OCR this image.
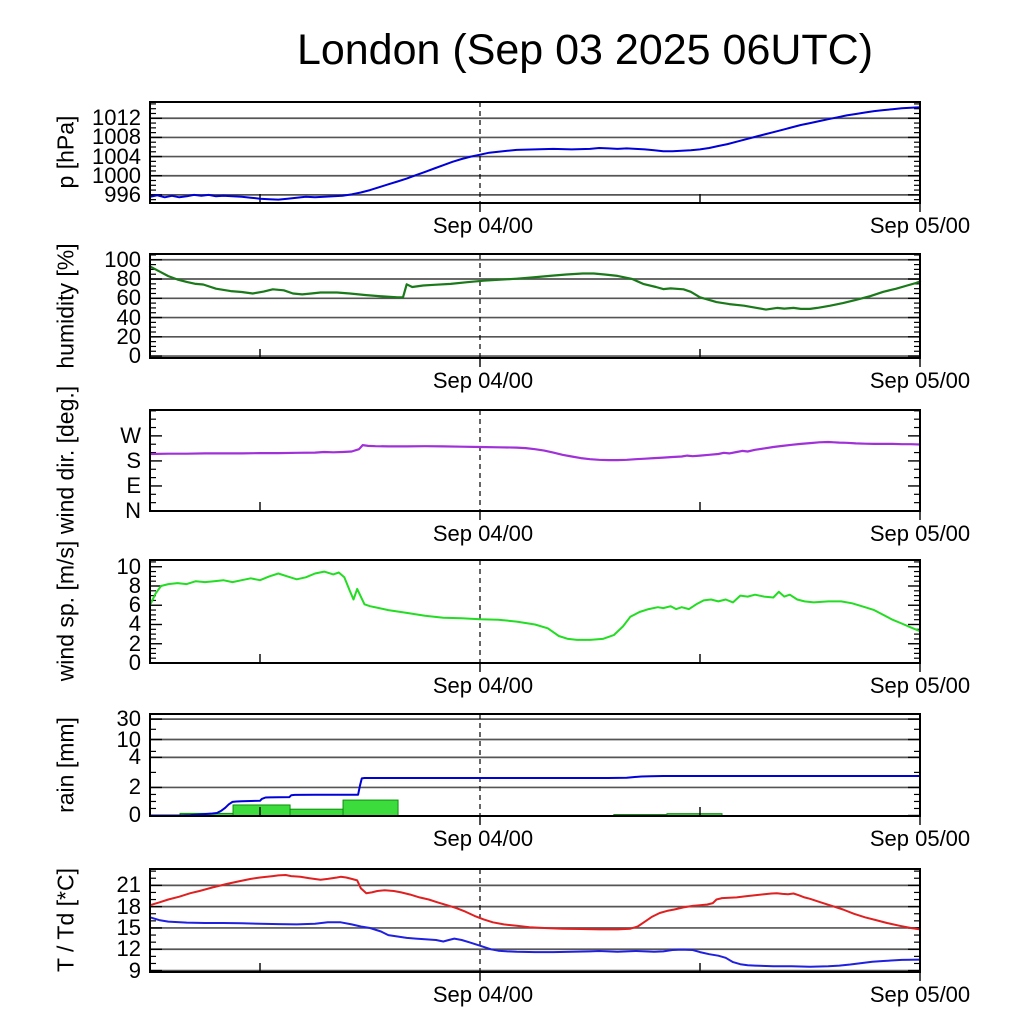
London (Sep 03 2025 06UTC)
p [hPa]
Sep 04/00	Sep 05/00
996
1000
1004
1008
1012
humidity [%]
Sep 04/00	Sep 05/00
0
20
40
60
80
100
wind dir. [deg.]	Sep 04/00	Sep 05/00
N
E
S
W
wind sp. [m/s]
Sep 04/00	Sep 05/00
0
2
4
6
8
10
rain [mm]
Sep 04/00	Sep 05/00
0
2
4
10
30
T / Td [*C]
Sep 04/00	Sep 05/00
9
12
15
18
21
